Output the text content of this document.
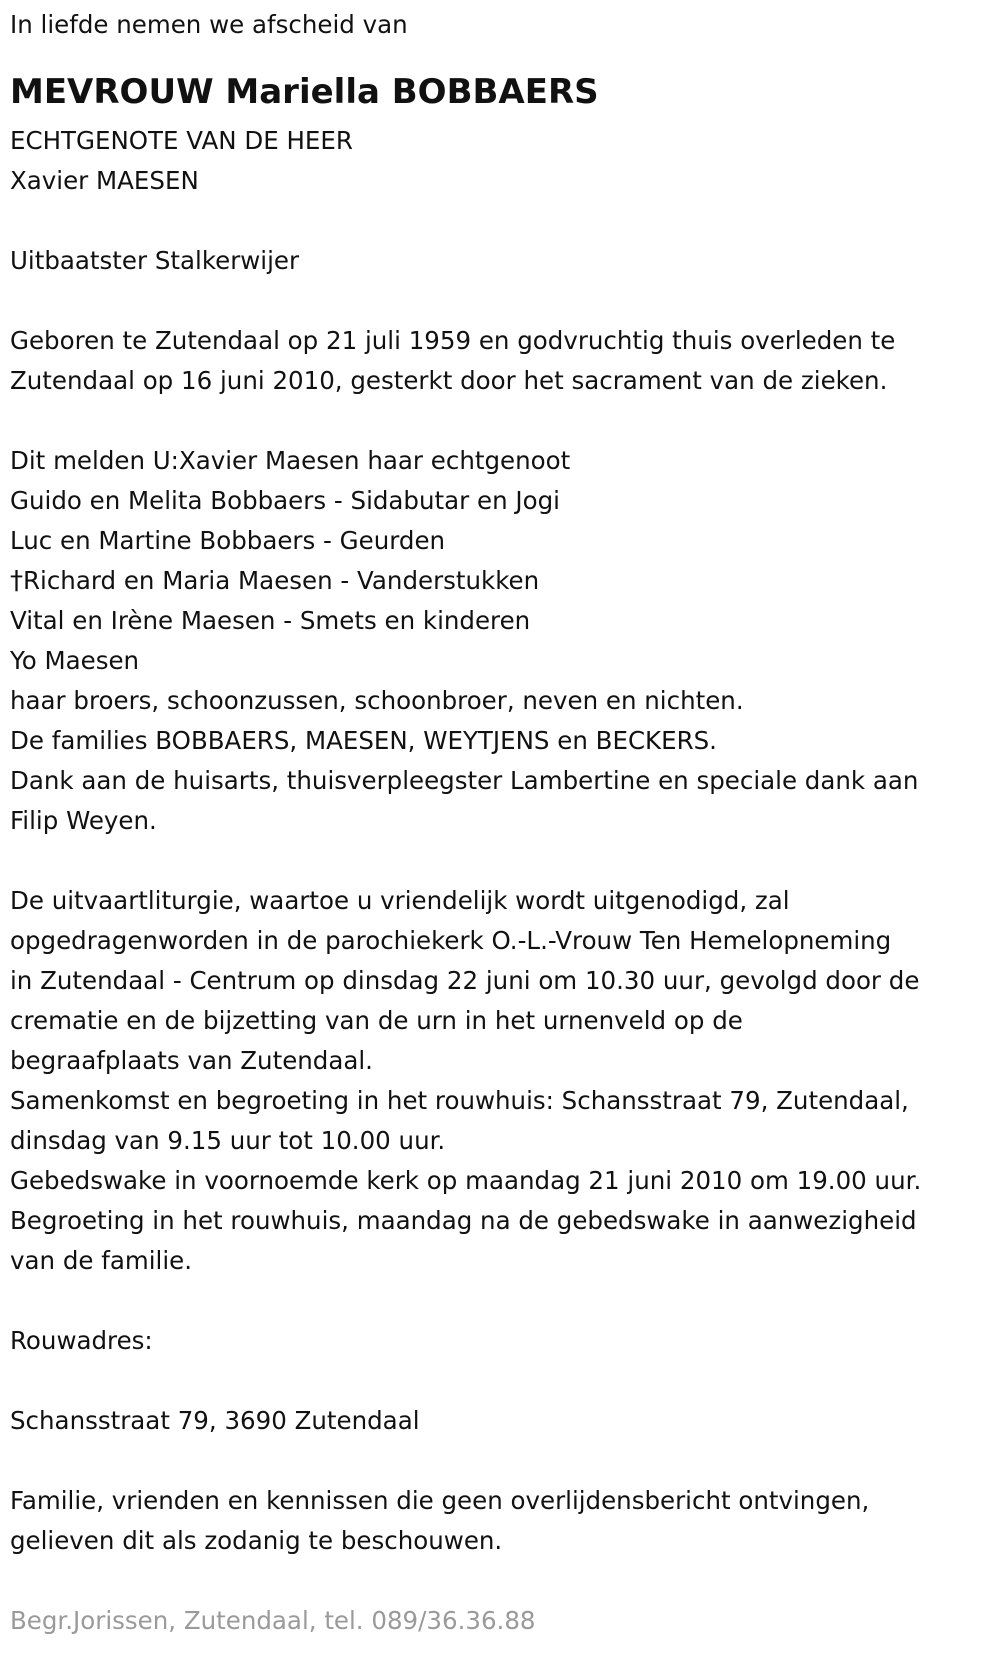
In liefde nemen we afscheid van
MEVROUW Mariella BOBBAERS
ECHTGENOTE VAN DE HEER
Xavier MAESEN
Uitbaatster Stalkerwijer
Geboren te Zutendaal op 21 juli 1959 en godvruchtig thuis overleden te
Zutendaal op 16 juni 2010, gesterkt door het sacrament van de zieken.
Dit melden U:Xavier Maesen haar echtgenoot
Guido en Melita Bobbaers - Sidabutar en Jogi
Luc en Martine Bobbaers - Geurden
†Richard en Maria Maesen - Vanderstukken
Vital en Irène Maesen - Smets en kinderen
Yo Maesen
haar broers, schoonzussen, schoonbroer, neven en nichten.
De families BOBBAERS, MAESEN, WEYTJENS en BECKERS.
Dank aan de huisarts, thuisverpleegster Lambertine en speciale dank aan
Filip Weyen.
De uitvaartliturgie, waartoe u vriendelijk wordt uitgenodigd, zal
opgedragenworden in de parochiekerk O.-L.-Vrouw Ten Hemelopneming
in Zutendaal - Centrum op dinsdag 22 juni om 10.30 uur, gevolgd door de
crematie en de bijzetting van de urn in het urnenveld op de
begraafplaats van Zutendaal.
Samenkomst en begroeting in het rouwhuis: Schansstraat 79, Zutendaal,
dinsdag van 9.15 uur tot 10.00 uur.
Gebedswake in voornoemde kerk op maandag 21 juni 2010 om 19.00 uur.
Begroeting in het rouwhuis, maandag na de gebedswake in aanwezigheid
van de familie.
Rouwadres:
Schansstraat 79, 3690 Zutendaal
Familie, vrienden en kennissen die geen overlijdensbericht ontvingen,
gelieven dit als zodanig te beschouwen.
Begr.Jorissen, Zutendaal, tel. 089/36.36.88
